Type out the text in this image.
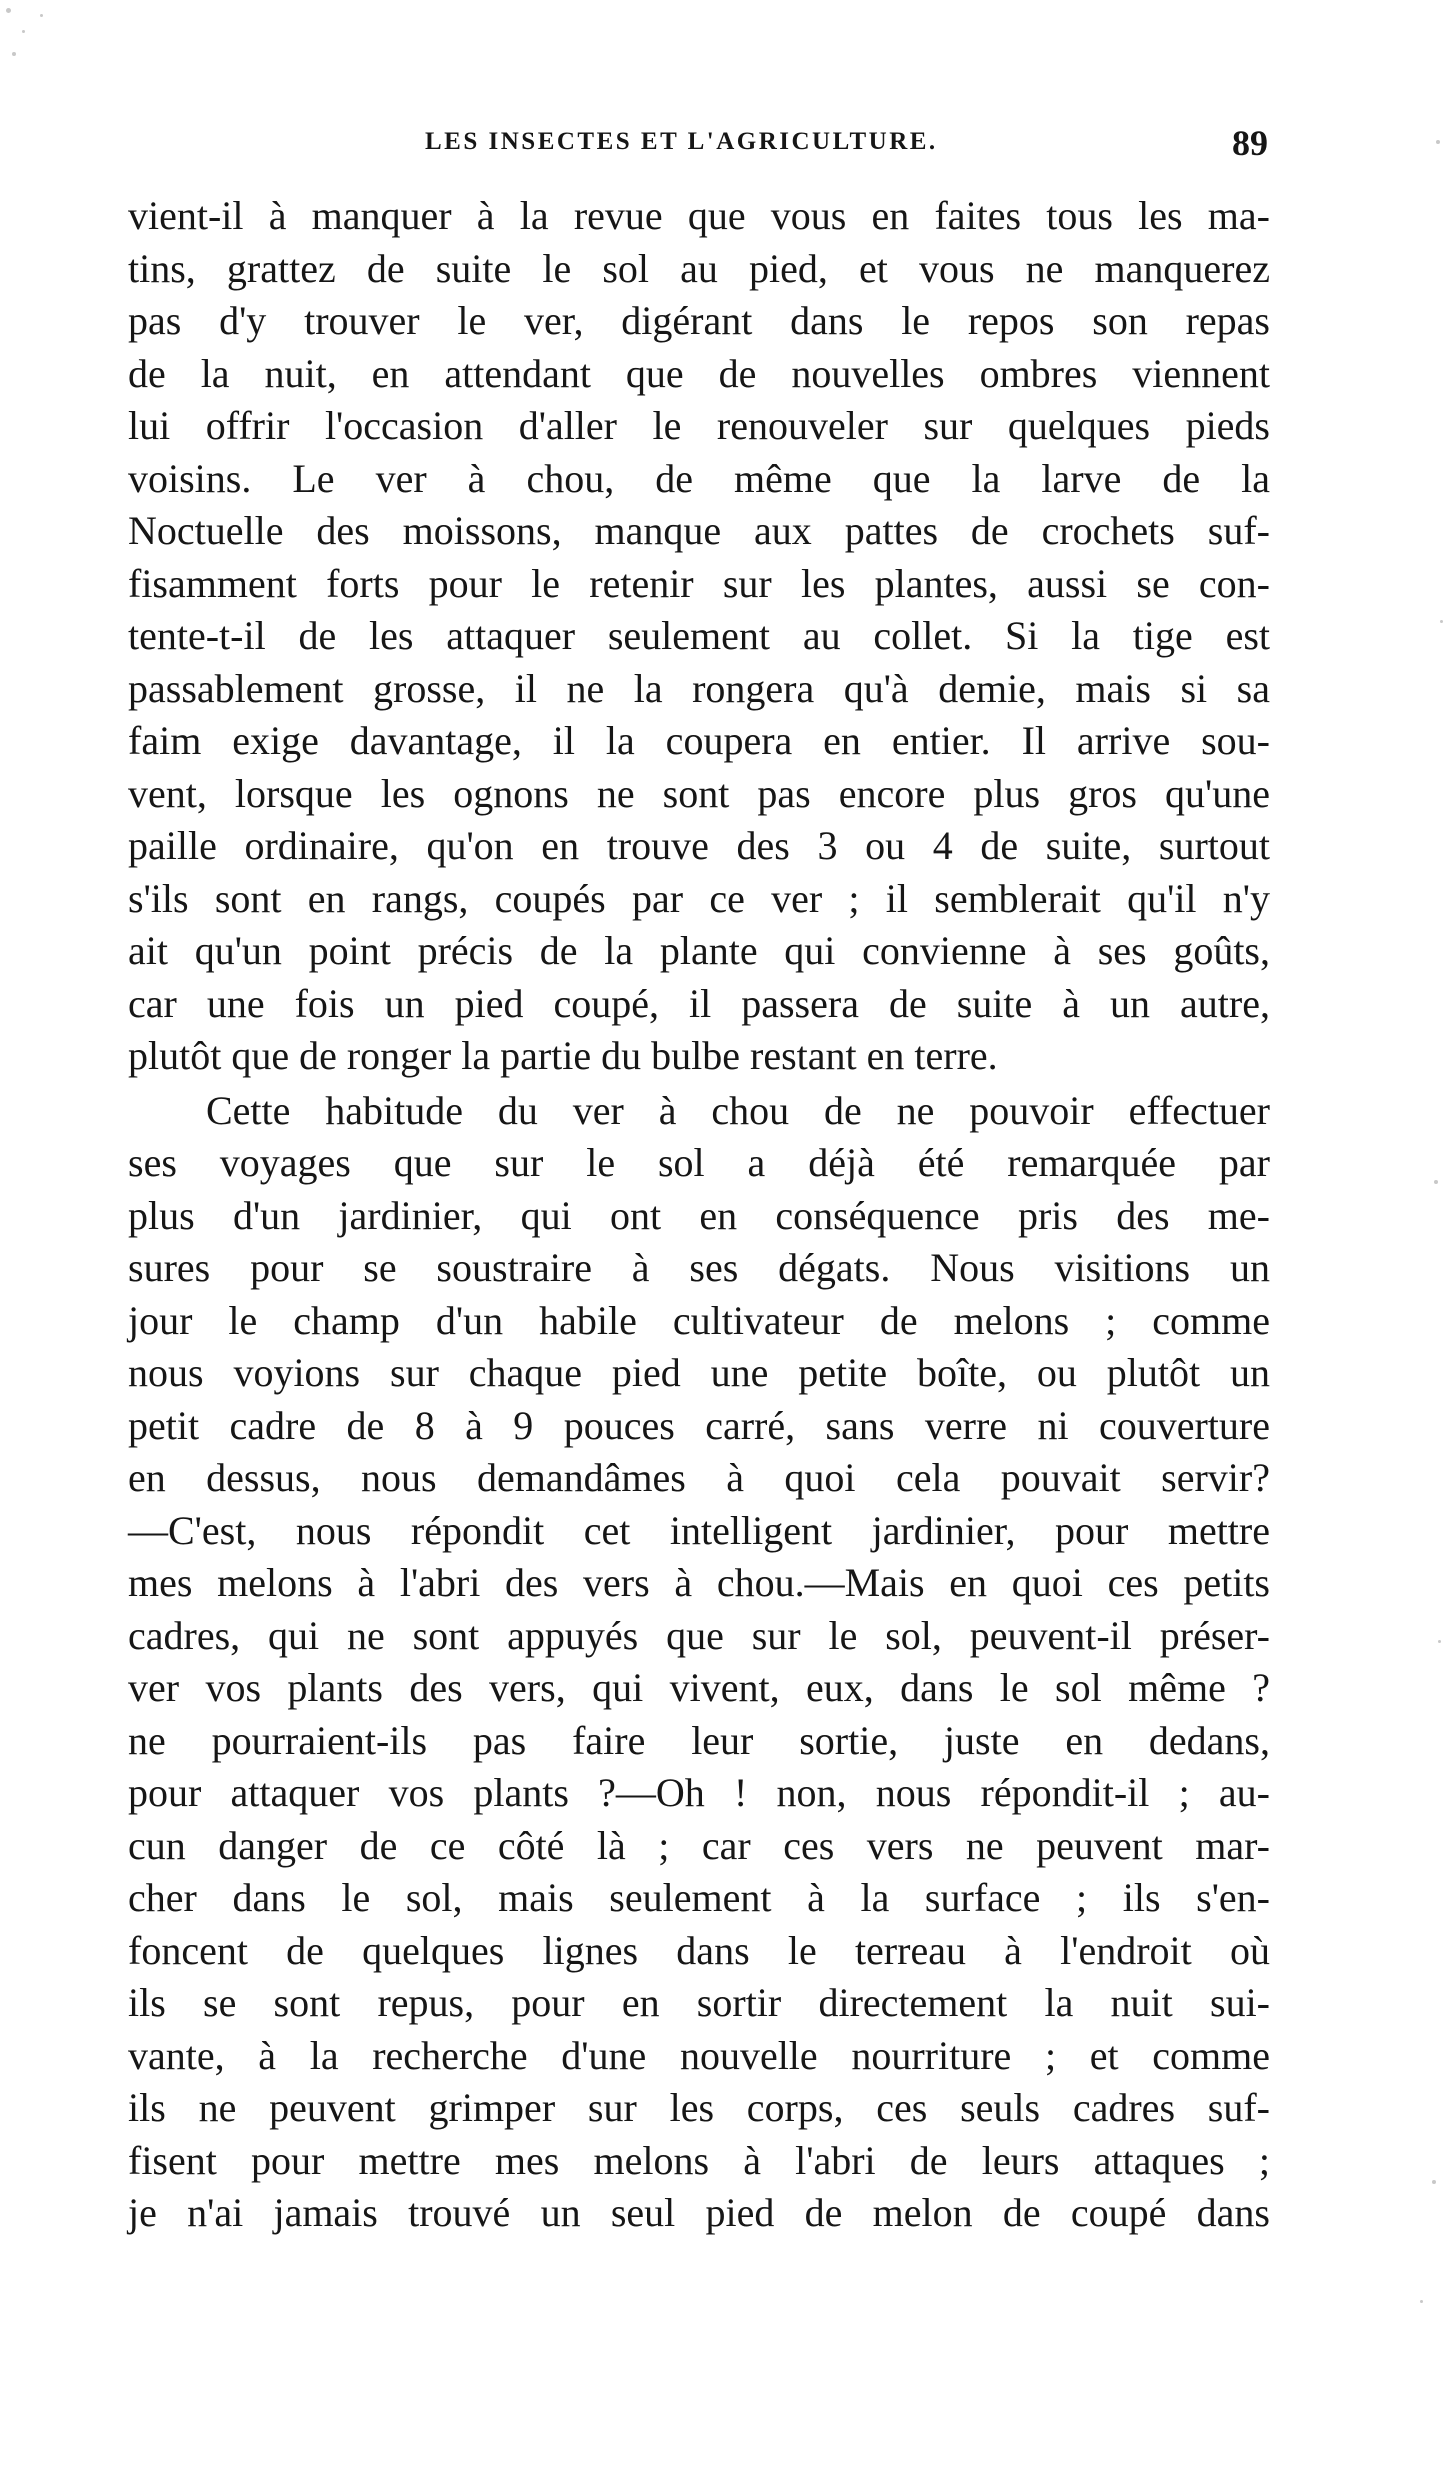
LES INSECTES ET L'AGRICULTURE.	89
vient-il à manquer à la revue que vous en faites tous les ma-
tins, grattez de suite le sol au pied, et vous ne manquerez
pas d'y trouver le ver, digérant dans le repos son repas
de la nuit, en attendant que de nouvelles ombres viennent
lui offrir l'occasion d'aller le renouveler sur quelques pieds
voisins. Le ver à chou, de même que la larve de la
Noctuelle des moissons, manque aux pattes de crochets suf-
fisamment forts pour le retenir sur les plantes, aussi se con-
tente-t-il de les attaquer seulement au collet. Si la tige est
passablement grosse, il ne la rongera qu'à demie, mais si sa
faim exige davantage, il la coupera en entier. Il arrive sou-
vent, lorsque les ognons ne sont pas encore plus gros qu'une
paille ordinaire, qu'on en trouve des 3 ou 4 de suite, surtout
s'ils sont en rangs, coupés par ce ver ; il semblerait qu'il n'y
ait qu'un point précis de la plante qui convienne à ses goûts,
car une fois un pied coupé, il passera de suite à un autre,
plutôt que de ronger la partie du bulbe restant en terre.
Cette habitude du ver à chou de ne pouvoir effectuer
ses voyages que sur le sol a déjà été remarquée par
plus d'un jardinier, qui ont en conséquence pris des me-
sures pour se soustraire à ses dégats. Nous visitions un
jour le champ d'un habile cultivateur de melons ; comme
nous voyions sur chaque pied une petite boîte, ou plutôt un
petit cadre de 8 à 9 pouces carré, sans verre ni couverture
en dessus, nous demandâmes à quoi cela pouvait servir?
—C'est, nous répondit cet intelligent jardinier, pour mettre
mes melons à l'abri des vers à chou.—Mais en quoi ces petits
cadres, qui ne sont appuyés que sur le sol, peuvent-il préser-
ver vos plants des vers, qui vivent, eux, dans le sol même ?
ne pourraient-ils pas faire leur sortie, juste en dedans,
pour attaquer vos plants ?—Oh ! non, nous répondit-il ; au-
cun danger de ce côté là ; car ces vers ne peuvent mar-
cher dans le sol, mais seulement à la surface ; ils s'en-
foncent de quelques lignes dans le terreau à l'endroit où
ils se sont repus, pour en sortir directement la nuit sui-
vante, à la recherche d'une nouvelle nourriture ; et comme
ils ne peuvent grimper sur les corps, ces seuls cadres suf-
fisent pour mettre mes melons à l'abri de leurs attaques ;
je n'ai jamais trouvé un seul pied de melon de coupé dans
